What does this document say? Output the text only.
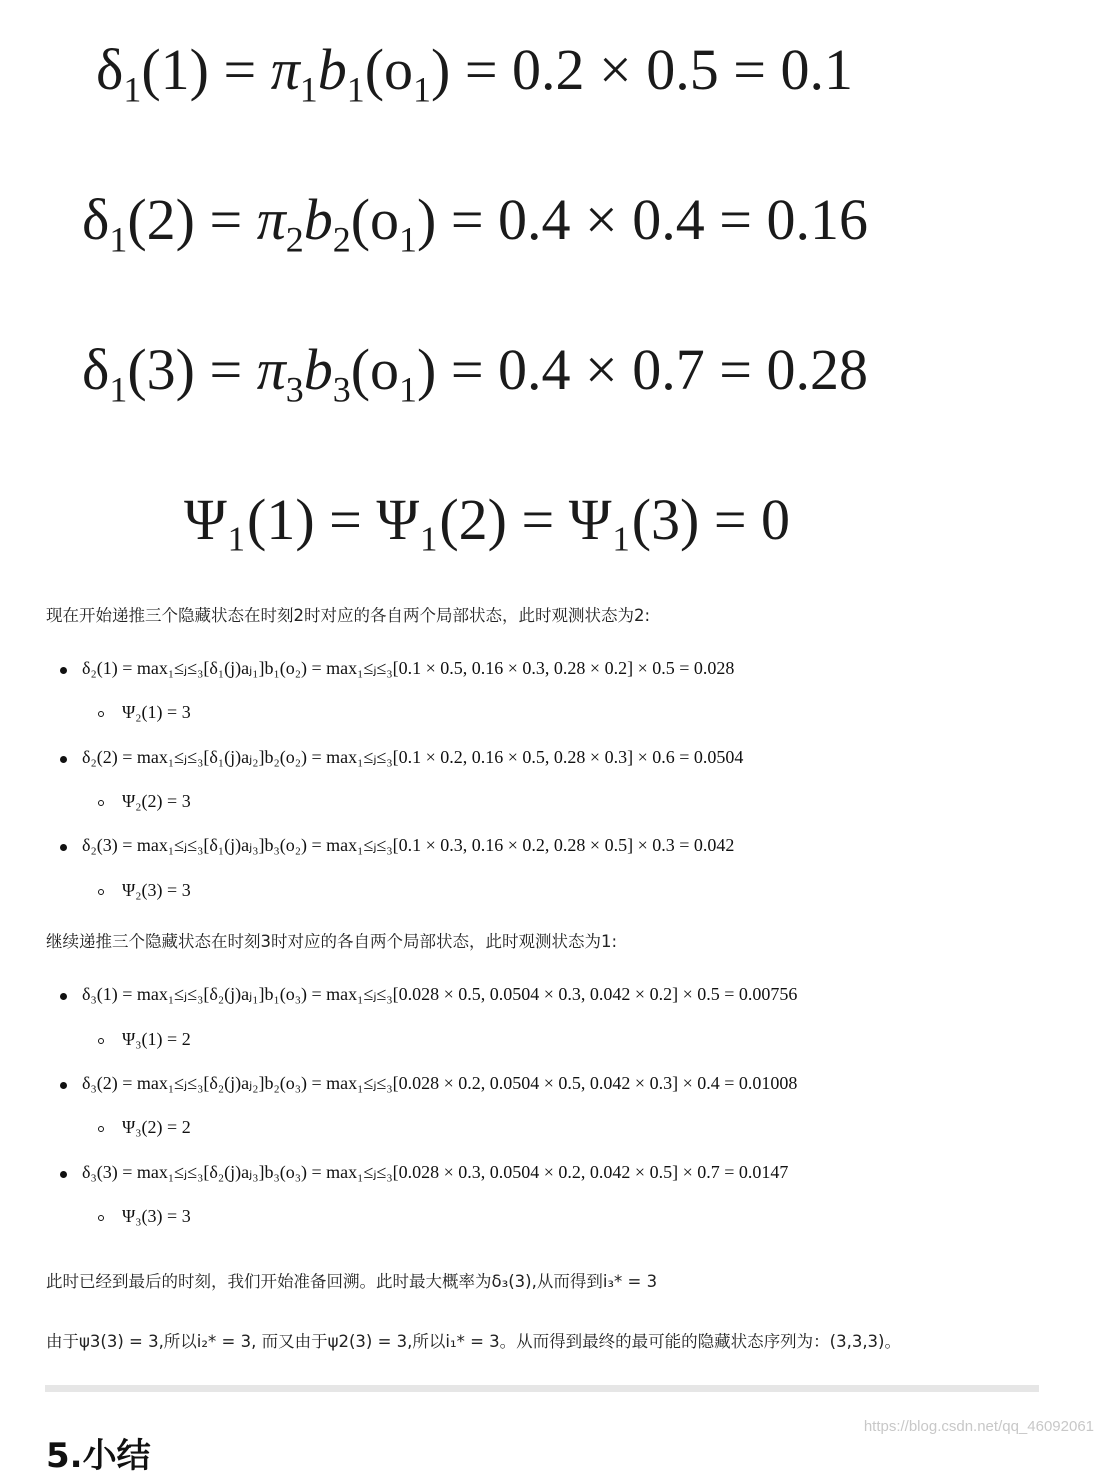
$\delta_1(1) = \pi_1b_1(o_1) = 0.2 \times 0.5 = 0.1$
$\delta_1(2) = \pi_2b_2(o_1) = 0.4 \times 0.4 = 0.16$
$\delta_1(3) = \pi_3b_3(o_1) = 0.4 \times 0.7 = 0.28$
Ψ₁(1) = Ψ₁(2) = Ψ₁(3) = 0
现在开始递推三个隐藏状态在时刻2时对应的各自两个局部状态，此时观测状态为2:
δ₂(1) = max₁≤ⱼ≤₃[δ₁(j)aⱼ₁]b₁(o₂) = max₁≤ⱼ≤₃[0.1 × 0.5, 0.16 × 0.3, 0.28 × 0.2] × 0.5 = 0.028
Ψ₂(1) = 3
δ₂(2) = max₁≤ⱼ≤₃[δ₁(j)aⱼ₂]b₂(o₂) = max₁≤ⱼ≤₃[0.1 × 0.2, 0.16 × 0.5, 0.28 × 0.3] × 0.6 = 0.0504
Ψ₂(2) = 3
δ₂(3) = max₁≤ⱼ≤₃[δ₁(j)aⱼ₃]b₃(o₂) = max₁≤ⱼ≤₃[0.1 × 0.3, 0.16 × 0.2, 0.28 × 0.5] × 0.3 = 0.042
Ψ₂(3) = 3
继续递推三个隐藏状态在时刻3时对应的各自两个局部状态，此时观测状态为1:
δ₃(1) = max₁≤ⱼ≤₃[δ₂(j)aⱼ₁]b₁(o₃) = max₁≤ⱼ≤₃[0.028 × 0.5, 0.0504 × 0.3, 0.042 × 0.2] × 0.5 = 0.00756
Ψ₃(1) = 2
δ₃(2) = max₁≤ⱼ≤₃[δ₂(j)aⱼ₂]b₂(o₃) = max₁≤ⱼ≤₃[0.028 × 0.2, 0.0504 × 0.5, 0.042 × 0.3] × 0.4 = 0.01008
Ψ₃(2) = 2
δ₃(3) = max₁≤ⱼ≤₃[δ₂(j)aⱼ₃]b₃(o₃) = max₁≤ⱼ≤₃[0.028 × 0.3, 0.0504 × 0.2, 0.042 × 0.5] × 0.7 = 0.0147
Ψ₃(3) = 3
此时已经到最后的时刻，我们开始准备回溯。此时最大概率为δ₃(3),从而得到i₃* = 3
由于ψ3(3) = 3,所以i₂* = 3, 而又由于ψ2(3) = 3,所以i₁* = 3。从而得到最终的最可能的隐藏状态序列为：(3,3,3)。
5.小结
https://blog.csdn.net/qq_46092061
